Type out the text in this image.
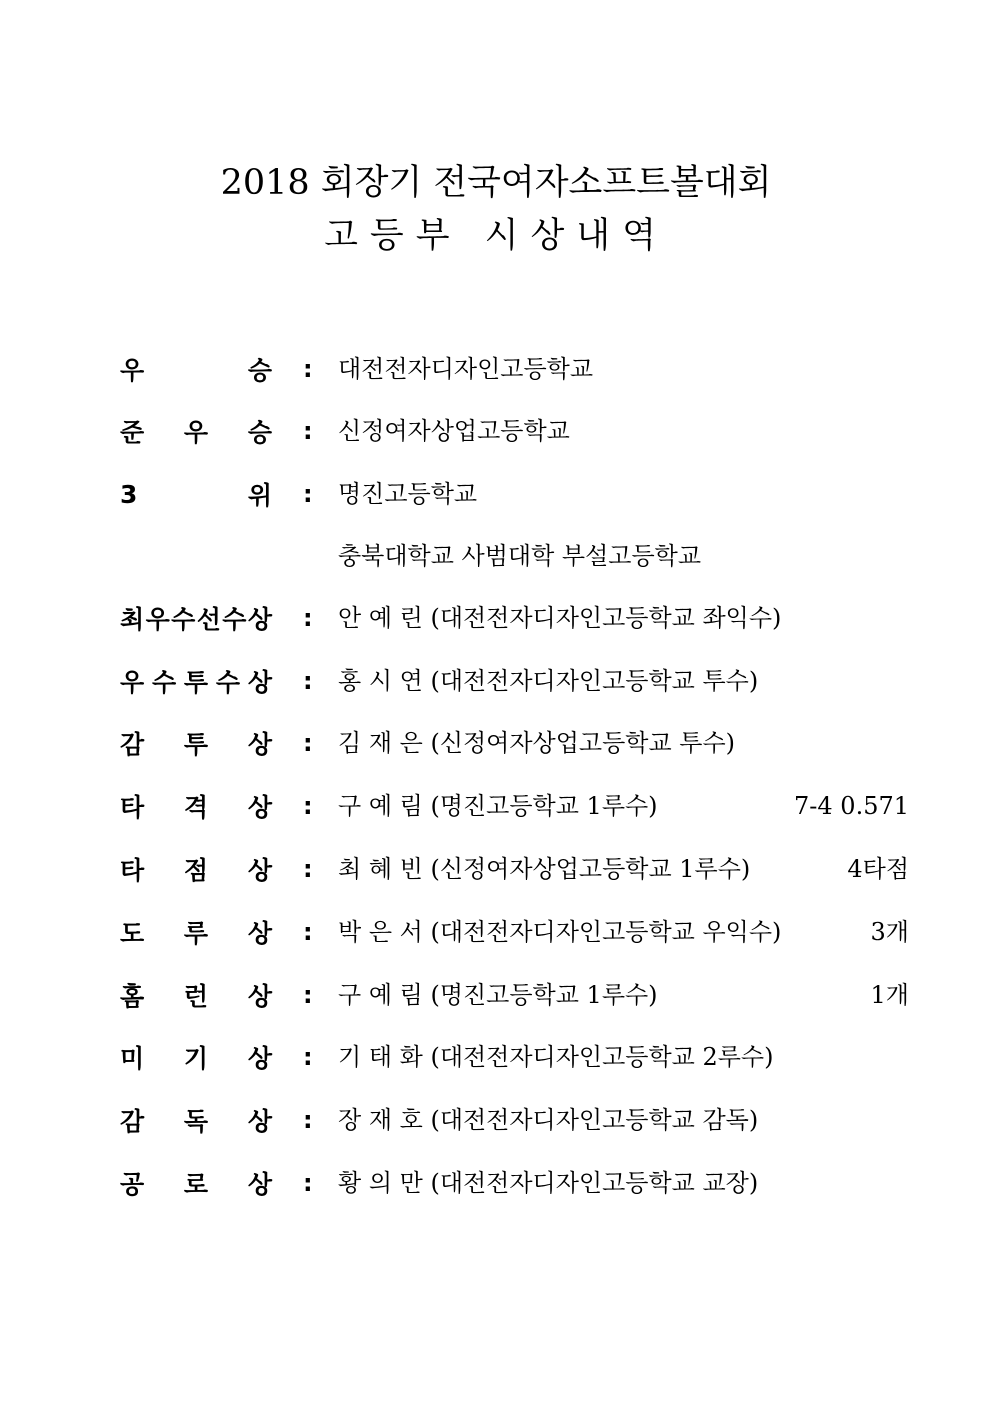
2018 회장기 전국여자소프트볼대회
고등부 시상내역
우	승 : 대전전자디자인고등학교
준 우 승 : 신정여자상업고등학교
3	위 : 명진고등학교
충북대학교 사범대학 부설고등학교
최 우 수 선 수 상 : 안 예 린 (대전전자디자인고등학교 좌익수)
우 수 투 수 상 : 홍 시 연 (대전전자디자인고등학교 투수)
감 투 상 : 김 재 은 (신정여자상업고등학교 투수)
타 격 상 : 구 예 림 (명진고등학교 1루수)	7-4 0.571
타 점 상 : 최 혜 빈 (신정여자상업고등학교 1루수)	4타점
도 루 상 : 박 은 서 (대전전자디자인고등학교 우익수)	3개
홈 런 상 : 구 예 림 (명진고등학교 1루수)	1개
미 기 상 : 기 태 화 (대전전자디자인고등학교 2루수)
감 독 상 : 장 재 호 (대전전자디자인고등학교 감독)
공 로 상 : 황 의 만 (대전전자디자인고등학교 교장)
